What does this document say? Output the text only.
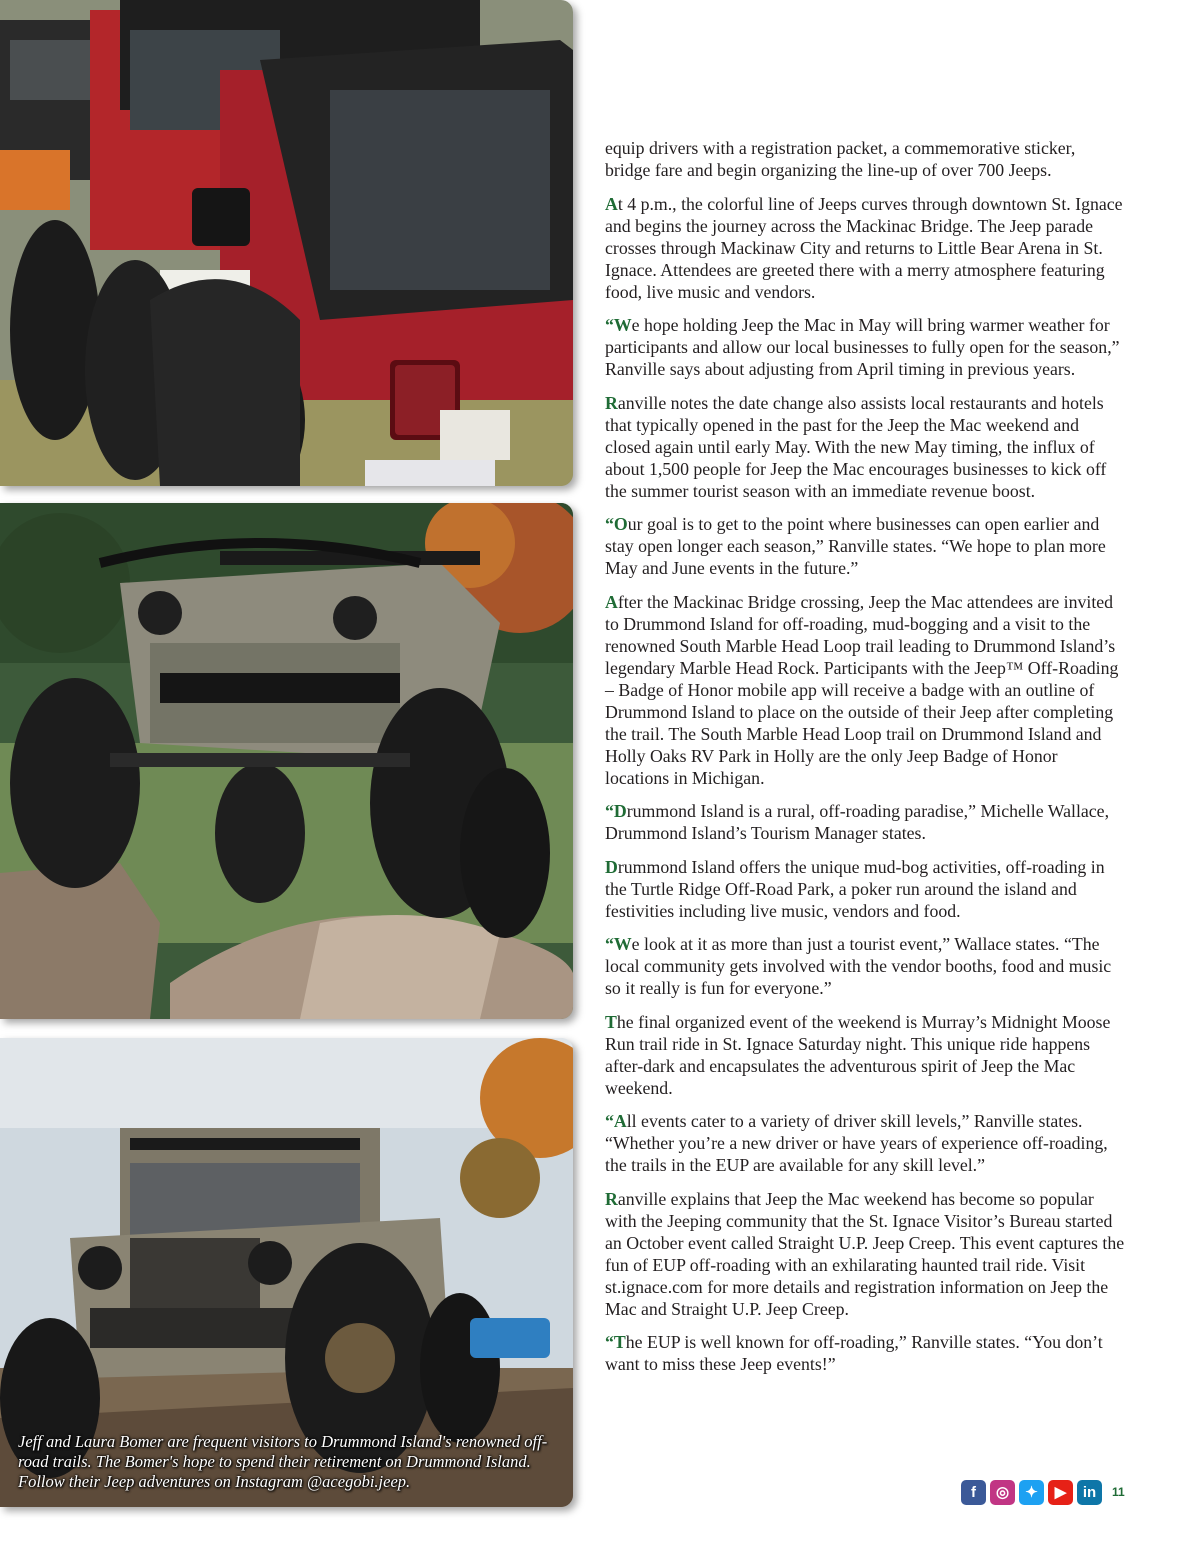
Jeff and Laura Bomer are frequent visitors to Drummond Island's renowned off-road trails. The Bomer's hope to spend their retirement on Drummond Island. Follow their Jeep adventures on Instagram @acegobi.jeep.

equip drivers with a registration packet, a commemorative sticker, bridge fare and begin organizing the line-up of over 700 Jeeps.

At 4 p.m., the colorful line of Jeeps curves through downtown St. Ignace and begins the journey across the Mackinac Bridge. The Jeep parade crosses through Mackinaw City and returns to Little Bear Arena in St. Ignace. Attendees are greeted there with a merry atmosphere featuring food, live music and vendors.

“We hope holding Jeep the Mac in May will bring warmer weather for participants and allow our local businesses to fully open for the season,” Ranville says about adjusting from April timing in previous years.

Ranville notes the date change also assists local restaurants and hotels that typically opened in the past for the Jeep the Mac weekend and closed again until early May. With the new May timing, the influx of about 1,500 people for Jeep the Mac encourages businesses to kick off the summer tourist season with an immediate revenue boost.

“Our goal is to get to the point where businesses can open earlier and stay open longer each season,” Ranville states. “We hope to plan more May and June events in the future.”

After the Mackinac Bridge crossing, Jeep the Mac attendees are invited to Drummond Island for off-roading, mud-bogging and a visit to the renowned South Marble Head Loop trail leading to Drummond Island’s legendary Marble Head Rock. Participants with the Jeep™ Off-Roading – Badge of Honor mobile app will receive a badge with an outline of Drummond Island to place on the outside of their Jeep after completing the trail. The South Marble Head Loop trail on Drummond Island and Holly Oaks RV Park in Holly are the only Jeep Badge of Honor locations in Michigan.

“Drummond Island is a rural, off-roading paradise,” Michelle Wallace, Drummond Island’s Tourism Manager states.

Drummond Island offers the unique mud-bog activities, off-roading in the Turtle Ridge Off-Road Park, a poker run around the island and festivities including live music, vendors and food.

“We look at it as more than just a tourist event,” Wallace states. “The local community gets involved with the vendor booths, food and music so it really is fun for everyone.”

The final organized event of the weekend is Murray’s Midnight Moose Run trail ride in St. Ignace Saturday night. This unique ride happens after-dark and encapsulates the adventurous spirit of Jeep the Mac weekend.

“All events cater to a variety of driver skill levels,” Ranville states. “Whether you’re a new driver or have years of experience off-roading, the trails in the EUP are available for any skill level.”

Ranville explains that Jeep the Mac weekend has become so popular with the Jeeping community that the St. Ignace Visitor’s Bureau started an October event called Straight U.P. Jeep Creep. This event captures the fun of EUP off-roading with an exhilarating haunted trail ride. Visit st.ignace.com for more details and registration information on Jeep the Mac and Straight U.P. Jeep Creep.

“The EUP is well known for off-roading,” Ranville states. “You don’t want to miss these Jeep events!”

f	◎	✦	▶	in	11
